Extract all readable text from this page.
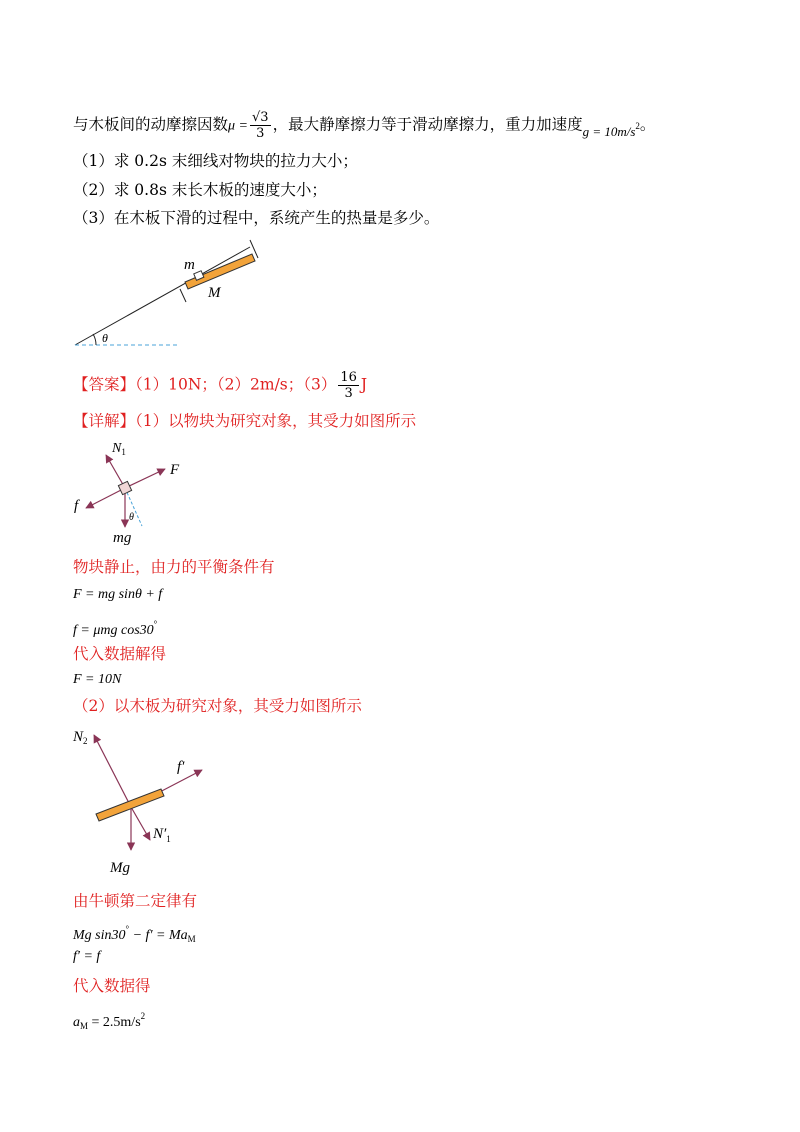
与木板间的动摩擦因数$\mu = \frac{√3}{3}$ ，最大静摩擦力等于滑动摩擦力，重力加速度$_{g = 10m/s^2}$。
（1）求 0.2s 末细线对物块的拉力大小；
（2）求 0.8s 末长木板的速度大小；
（3）在木板下滑的过程中，系统产生的热量是多少。
θ
m
M
【答案】（1）10N；（2）2m/s；$(3) \frac{16}{3}$ J
【详解】（1）以物块为研究对象，其受力如图所示
$N_1$
F
f
mg
θ
物块静止，由力的平衡条件有
F = mg sinθ + f
f = μmg cos30°
代入数据解得
F = 10N
（2）以木板为研究对象，其受力如图所示
$N_2$
f′
$N'_1$
Mg
由牛顿第二定律有
Mg $\sin 30^\circ - f' = Ma_M$
f′ = f
代入数据得
$a_M = 2.5m/s^2$
